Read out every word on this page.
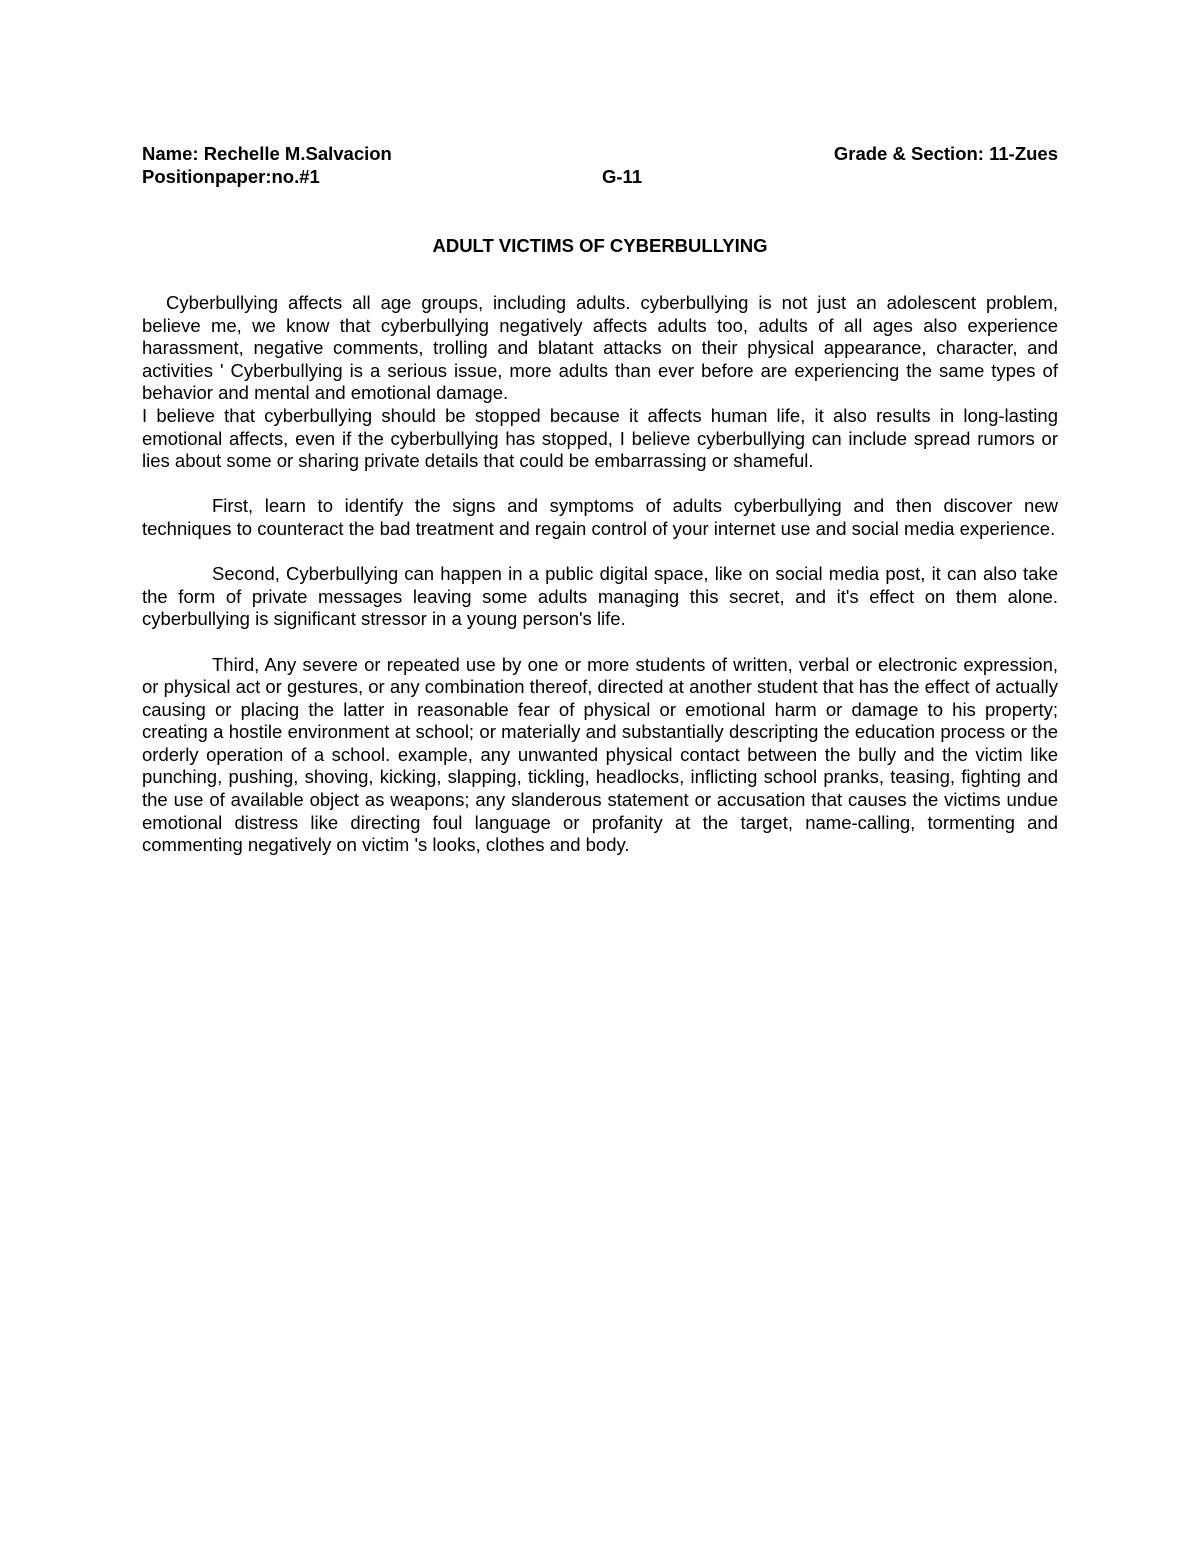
Name: Rechelle M.Salvacion	Grade & Section: 11-Zues
Positionpaper:no.#1	G-11
ADULT VICTIMS OF CYBERBULLYING

Cyberbullying affects all age groups, including adults. cyberbullying is not just an adolescent problem, believe me, we know that cyberbullying negatively affects adults too, adults of all ages also experience harassment, negative comments, trolling and blatant attacks on their physical appearance, character, and activities ' Cyberbullying is a serious issue, more adults than ever before are experiencing the same types of behavior and mental and emotional damage.

I believe that cyberbullying should be stopped because it affects human life, it also results in long-lasting emotional affects, even if the cyberbullying has stopped, I believe cyberbullying can include spread rumors or lies about some or sharing private details that could be embarrassing or shameful.

First, learn to identify the signs and symptoms of adults cyberbullying and then discover new techniques to counteract the bad treatment and regain control of your internet use and social media experience.

Second, Cyberbullying can happen in a public digital space, like on social media post, it can also take the form of private messages leaving some adults managing this secret, and it's effect on them alone. cyberbullying is significant stressor in a young person's life.

Third, Any severe or repeated use by one or more students of written, verbal or electronic expression, or physical act or gestures, or any combination thereof, directed at another student that has the effect of actually causing or placing the latter in reasonable fear of physical or emotional harm or damage to his property; creating a hostile environment at school; or materially and substantially descripting the education process or the orderly operation of a school. example, any unwanted physical contact between the bully and the victim like punching, pushing, shoving, kicking, slapping, tickling, headlocks, inflicting school pranks, teasing, fighting and the use of available object as weapons; any slanderous statement or accusation that causes the victims undue emotional distress like directing foul language or profanity at the target, name-calling, tormenting and commenting negatively on victim 's looks, clothes and body.
